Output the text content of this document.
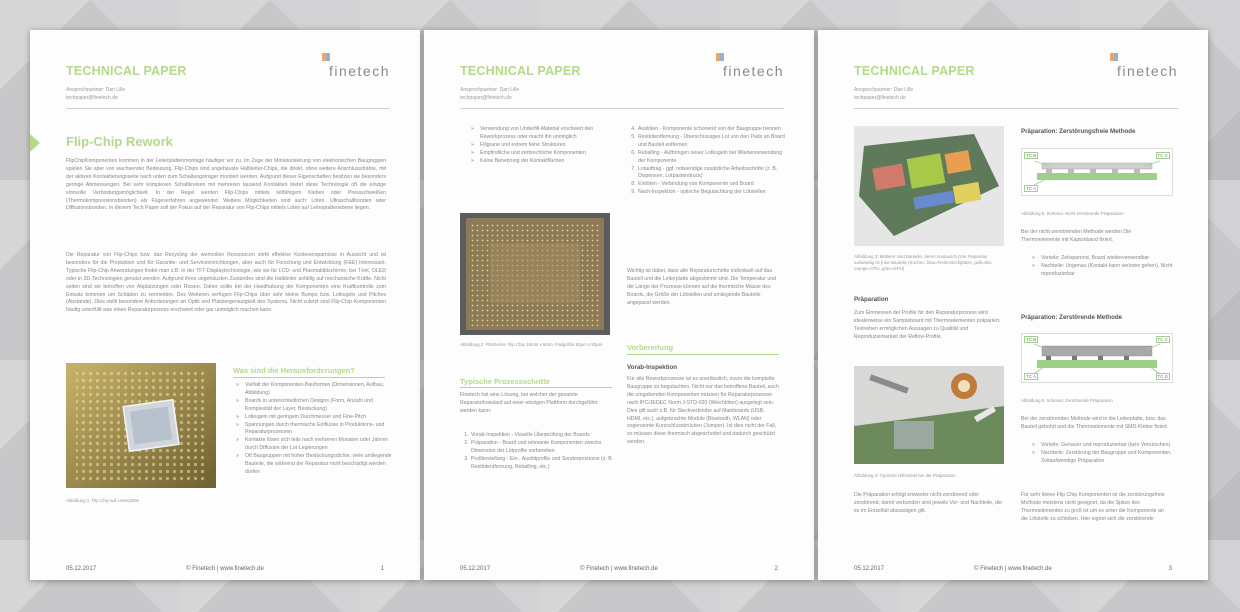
TECHNICAL PAPER	finetech
Ansprechpartner: Dan Lille
techpaper@finetech.de
Flip-Chip Rework
FlipChipKomponenten kommen in der Leiterplattenmontage häufiger vor zu, Im Zuge der Miniaturisierung von elektronischen Baugruppen spielen Sie aber von wachsender Bedeutung. Flip-Chips sind ungehäuste Halbleiter-Chips, die direkt, ohne weitere Anschlussdrähte, mit der aktiven Kontaktierungsseite nach unten zum Schaltungsträger montiert werden. Aufgrund dieser Eigenschaften besitzen sie besonders geringe Abmessungen. Bei sehr komplexen Schaltkreisen mit mehreren tausend Kontakten bietet diese Technologie oft die einzige sinnvolle Verbindungsmöglichkeit. In der Regel werden Flip-Chips mittels leitfähigem Kleben oder Pressschweißen (Thermokompressionsbonden) als Fügeverfahren angewendet. Weitere Möglichkeiten sind auch: Löten, Ultraschallbonden oder Diffusionsbonden. In diesem Tech Paper soll der Fokus auf der Reparatur von Flip-Chips mittels Löten auf Leiterplattenebene liegen.
Die Reparatur von Flip-Chips bzw. das Recycling der wertvollen Ressourcen steht effektive Kostenersparnisse in Aussicht und ist besonders für die Produktion und für Garantie- und Serviceeinrichtungen, aber auch für Forschung und Entwicklung (F&E) interessant. Typische Flip-Chip Anwendungen findet man z.B. in der TFT-Displaytechnologie, wie sie für LCD- und Plasmabildschirme, bei T-ink, OLED oder in 3D-Technologien genutzt werden. Aufgrund ihres ungehäusten Zustandes sind die Halbleiter anfällig auf mechanische Kräfte. Nicht selten sind sie betroffen von Abplatzungen oder Rissen. Daher sollte bei der Handhabung der Komponenten eine Kraftkontrolle zum Einsatz kommen um Schäden zu vermeiden. Des Weiteren verfügen Flip-Chips über sehr kleine Bumps bzw. Lotkugeln und Pitches (Abstände). Dies stellt besondere Anforderungen an Optik und Platziergenauigkeit des Systems. Nicht zuletzt sind Flip-Chip-Komponenten häufig unterfüllt was einen Reparaturprozess erschwert oder gar unmöglich machen kann.
Abbildung 1: Flip Chip auf Leiterplatte
Was sind die Herausforderungen?
» Vielfalt der Komponenten-Bauformen (Dimensionen, Aufbau, Abbildung)
» Boards in unterschiedlichen Designs (Form, Anzahl und Komplexität der Layer, Bestückung)
» Lotkugeln mit geringem Durchmesser und Fine-Pitch
» Spannungen durch thermische Einflüsse in Produktions- und Reparaturprozessen
» Kontakte lösen sich teils nach mehreren Monaten oder Jahren durch Diffusion der Lot-Legierungen
» Oft Baugruppen mit hoher Bestückungsdichte, viele umliegende Bauteile, die während der Reparatur nicht beschädigt werden dürfen
05.12.2017	© Finetech | www.finetech.de	1
TECHNICAL PAPER	finetech
Ansprechpartner: Dan Lille
techpaper@finetech.de
» Verwendung von Underfill-Material erschwert den Reworkprozess oder macht ihn unmöglich
» Filigrane und extrem feine Strukturen
» Empfindliche und zerbrechliche Komponenten
» Keine Benetzung der Kontaktflächen
Abbildung 2: Flächenter Flip Chip 10mm x 8mm, Padgröße 90µm x 90µm
Typische Prozessschritte
Finetech hat eine Lösung, bei welcher der gesamte Reparaturkreislauf auf einer einzigen Plattform durchgeführt werden kann:
1. Vorab-Inspektion - Visuelle Überprüfung der Boards
2. Präparation - Board und relevante Komponenten zwecks Dimension der Lötprofile vorbereiten
3. Profilerstellung - Ein-, Auslötprofile und Sonderprozesse (z. B. Restlotentfernung, Reballing, etc.)
4. Auslöten - Komponente schonend von der Baugruppe trennen
5. Restlotentfernung - Überschüssiges Lot von den Pads an Board und Bauteil entfernen
6. Reballing - Aufbringen neuer Lotkugeln bei Wiederverwendung der Komponente
7. Lotauftrag - ggf. notwendige zusätzliche Arbeitsschritte (z. B. Dispensen, Lotpastendruck)
8. Einlöten - Verbindung von Komponente und Board
9. Nach-Inspektion - optische Begutachtung der Lötstellen
Wichtig ist dabei, dass alle Reparaturschritte individuell auf das Bauteil und die Leiterplatte abgestimmt sind. Die Temperatur und die Länge der Prozesse können auf die thermische Masse des Boards, die Größe der Lötstellen und umliegende Bauteile angepasst werden.
Vorbereitung
Vorab-Inspektion
Für alle Reworkprozesse ist es unerlässlich, zuvor die komplette Baugruppe zu begutachten. Nicht nur das betroffene Bauteil, auch die umgebenden Komponenten müssen für Reparaturprozesse nach IPC/JEDEC Norm J-STD-020 (Weichlöten) ausgelegt sein. Dies gilt auch z.B. für Steckverbinder auf Mainboards (USB, HDMI, etc.), aufgebrachte Module (Bluetooth, WLAN) oder sogenannte Kurzschlussbrücken (Jumper). Ist dies nicht der Fall, so müssen diese thermisch abgeschottet und dadurch geschützt werden.
05.12.2017	© Finetech | www.finetech.de	2
TECHNICAL PAPER	finetech
Ansprechpartner: Dan Lille
techpaper@finetech.de
Abbildung 3: Markiert sind Bauteile, deren Austausch bzw. Reparatur aufwändig ist (rote Bauteile (Kuchen, blau=RAM-Steckplätze, gelb=Bio, orange=CPU, grün=GPU)
Präparation
Zum Einmessen der Profile für den Reparaturprozess wird idealerweise ein Sampleboard mit Thermoelementen präpariert. Testreihen ermöglichen Aussagen zu Qualität und Reproduzierbarkeit der Reflow-Profile.
Abbildung 4: Typische Hilfsmittel bei der Präparation
Die Präparation erfolgt entweder nicht-zerstörend oder zerstörend, damit verbunden sind jeweils Vor- und Nachteile, die es im Einzelfall abzuwägen gilt.
Präparation: Zerstörungsfreie Methode
TC B	TC C
TC A
Abbildung 5: Schema: Nicht zerstörende Präparation
Bei der nicht-zerstörenden Methode werden Die Thermoelemente mit Kaptonband fixiert.
» Vorteile: Zeitsparend, Board wiederverwendbar
» Nachteile: Ungenau (Kontakt kann verloren gehen), Nicht reproduzierbar
Präparation: Zerstörende Methode
TC B	TC C
TC A	TC D
Abbildung 6: Schema: Zerstörende Präparation
Bei der zerstörenden Methode wird in die Leiterplatte, bzw. das Bauteil gebohrt und die Thermoelemente mit SMD-Kleber fixiert.
» Vorteile: Genauer und reproduzierbar (kein Verrutschen)
» Nachteile: Zerstörung der Baugruppe und Komponenten, Zeitaufwendige Präparation
Für sehr kleine Flip Chip Komponenten ist die zerstörungsfreie Methode meistens nicht geeignet, da die Spitze des Thermoelementes zu groß ist um es unter die Komponente an die Lötstelle zu schieben. Hier eignet sich die zerstörende
05.12.2017	© Finetech | www.finetech.de	3
